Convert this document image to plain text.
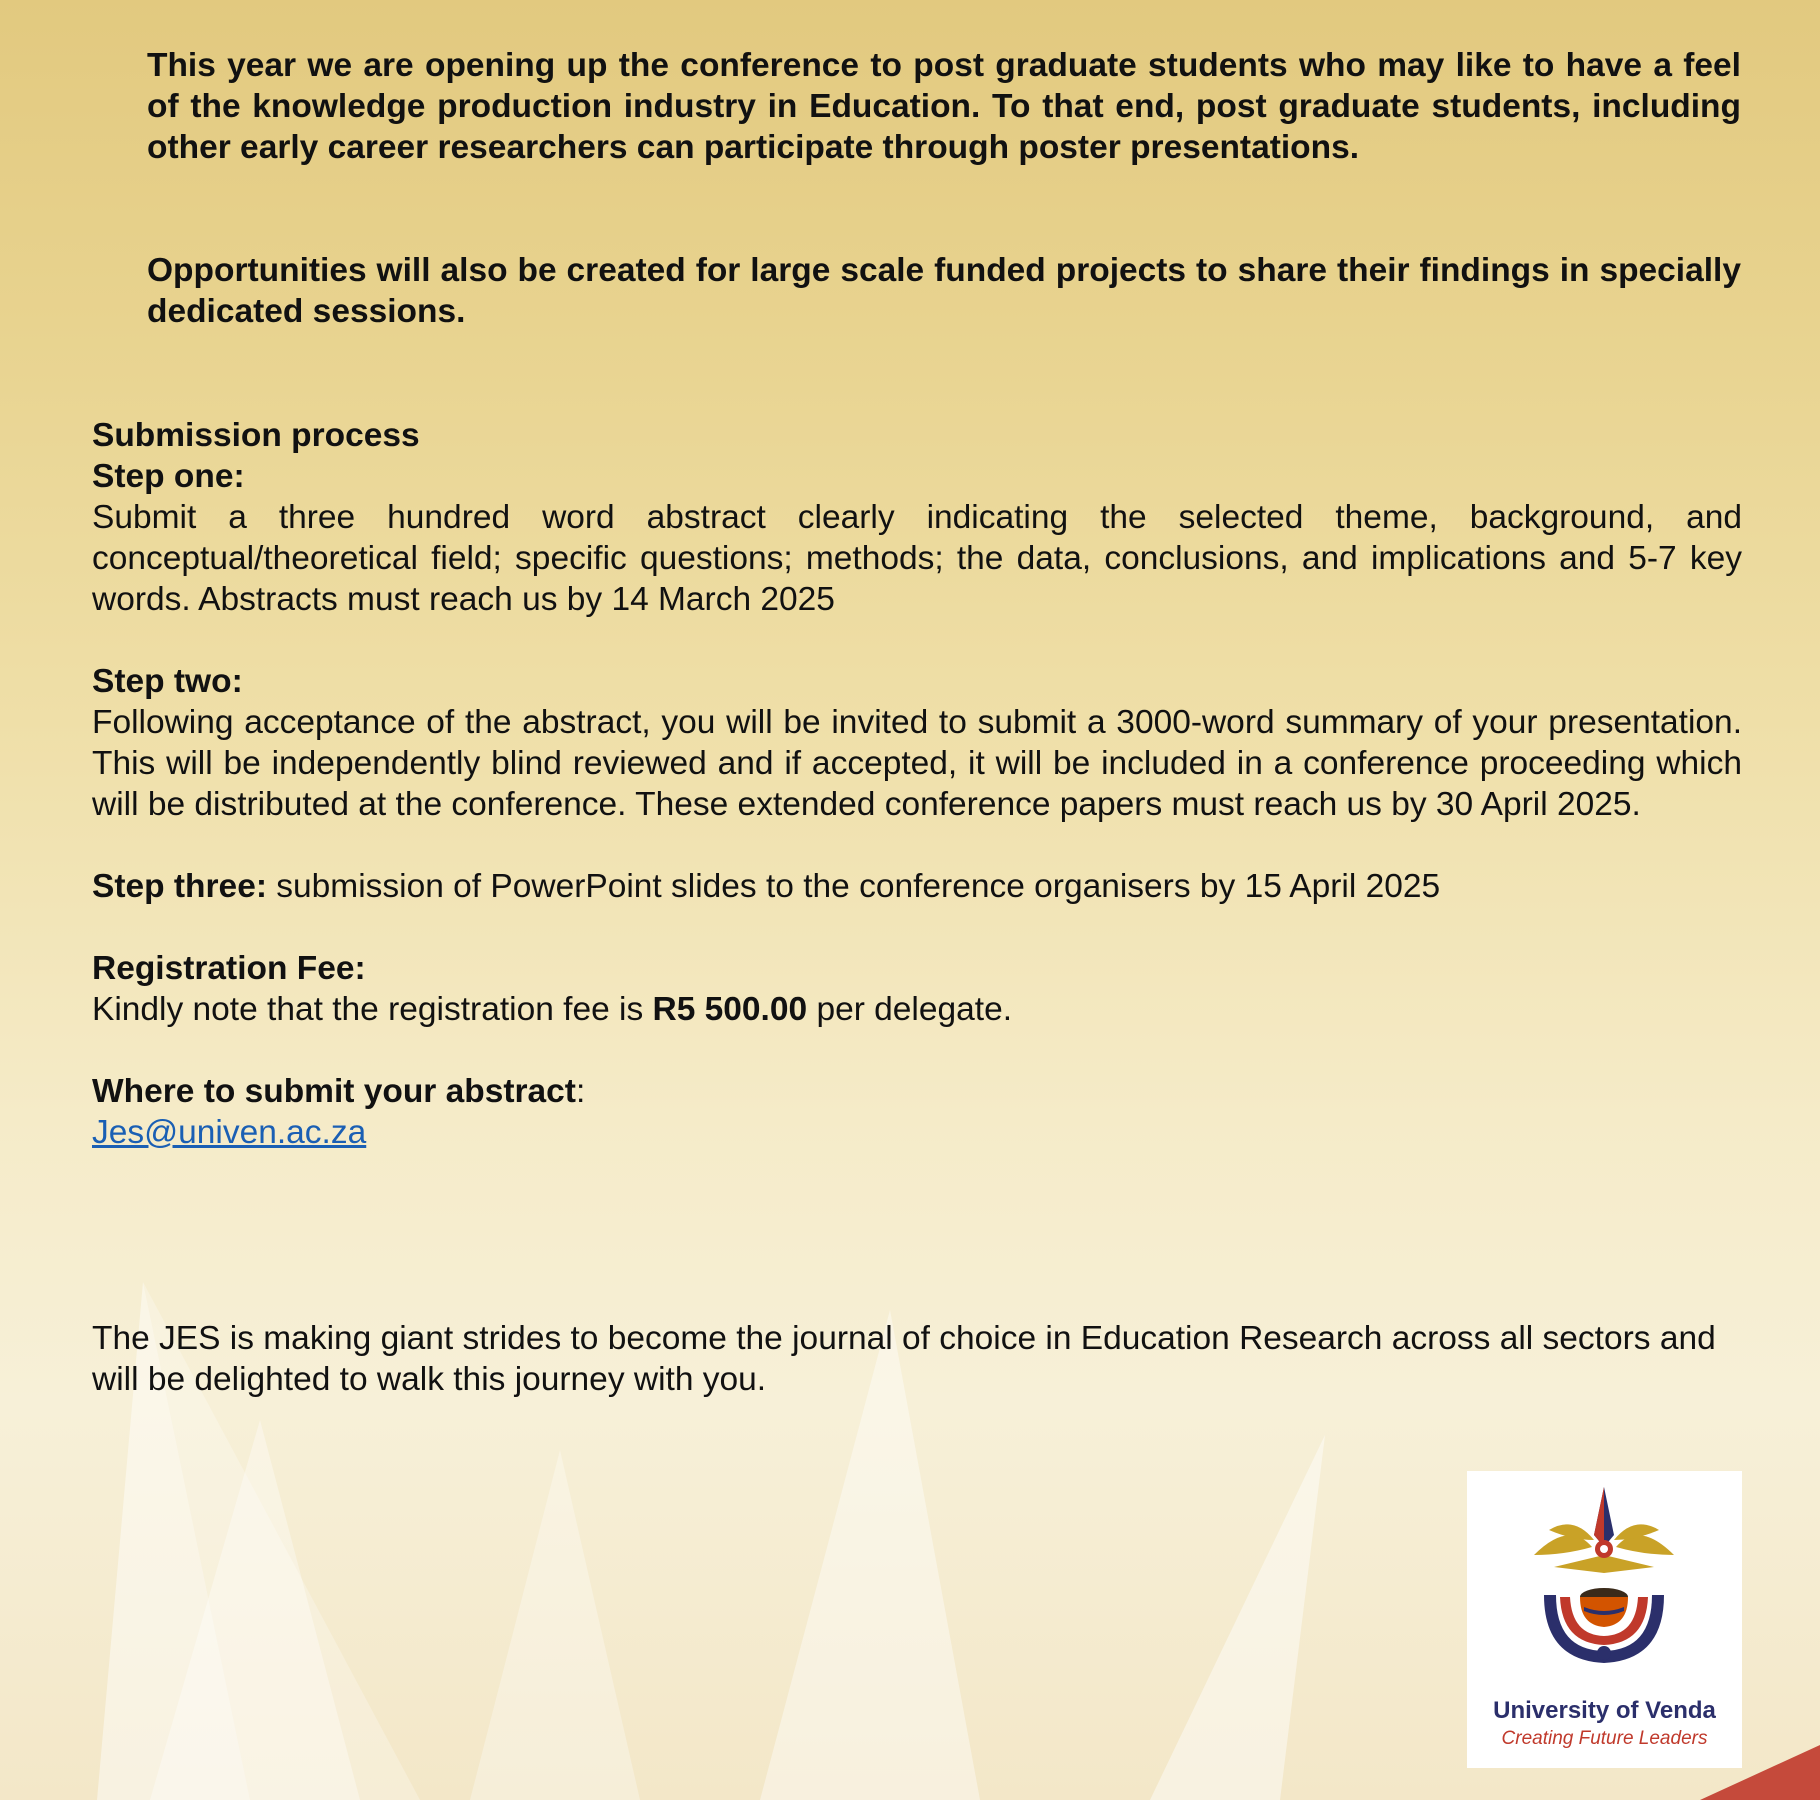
This year we are opening up the conference to post graduate students who may like to have a feel of the knowledge production industry in Education. To that end, post graduate students, including other early career researchers can participate through poster presentations.

Opportunities will also be created for large scale funded projects to share their findings in specially dedicated sessions.

Submission process
Step one:

Submit a three hundred word abstract clearly indicating the selected theme, background, and conceptual/theoretical field; specific questions; methods; the data, conclusions, and implications and 5-7 key words. Abstracts must reach us by 14 March 2025

Step two:

Following acceptance of the abstract, you will be invited to submit a 3000-word summary of your presentation. This will be independently blind reviewed and if accepted, it will be included in a conference proceeding which will be distributed at the conference. These extended conference papers must reach us by 30 April 2025.

Step three: submission of PowerPoint slides to the conference organisers by 15 April 2025

Registration Fee:

Kindly note that the registration fee is R5 500.00 per delegate.

Where to submit your abstract:
Jes@univen.ac.za

The JES is making giant strides to become the journal of choice in Education Research across all sectors and will be delighted to walk this journey with you.

University of Venda
Creating Future Leaders
